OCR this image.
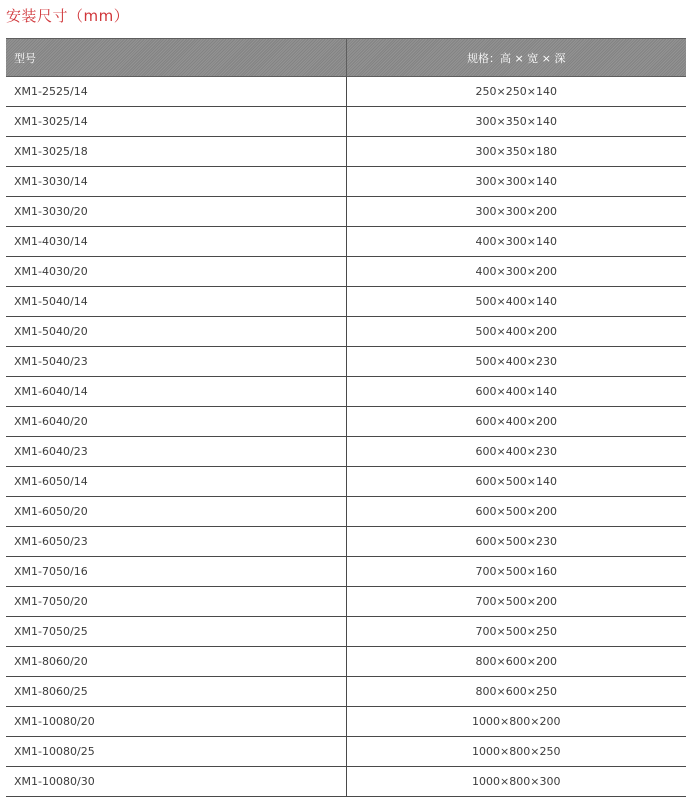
安装尺寸（mm）
型号	规格：高 × 宽 × 深
XM1-2525/14	250×250×140
XM1-3025/14	300×350×140
XM1-3025/18	300×350×180
XM1-3030/14	300×300×140
XM1-3030/20	300×300×200
XM1-4030/14	400×300×140
XM1-4030/20	400×300×200
XM1-5040/14	500×400×140
XM1-5040/20	500×400×200
XM1-5040/23	500×400×230
XM1-6040/14	600×400×140
XM1-6040/20	600×400×200
XM1-6040/23	600×400×230
XM1-6050/14	600×500×140
XM1-6050/20	600×500×200
XM1-6050/23	600×500×230
XM1-7050/16	700×500×160
XM1-7050/20	700×500×200
XM1-7050/25	700×500×250
XM1-8060/20	800×600×200
XM1-8060/25	800×600×250
XM1-10080/20	1000×800×200
XM1-10080/25	1000×800×250
XM1-10080/30	1000×800×300
